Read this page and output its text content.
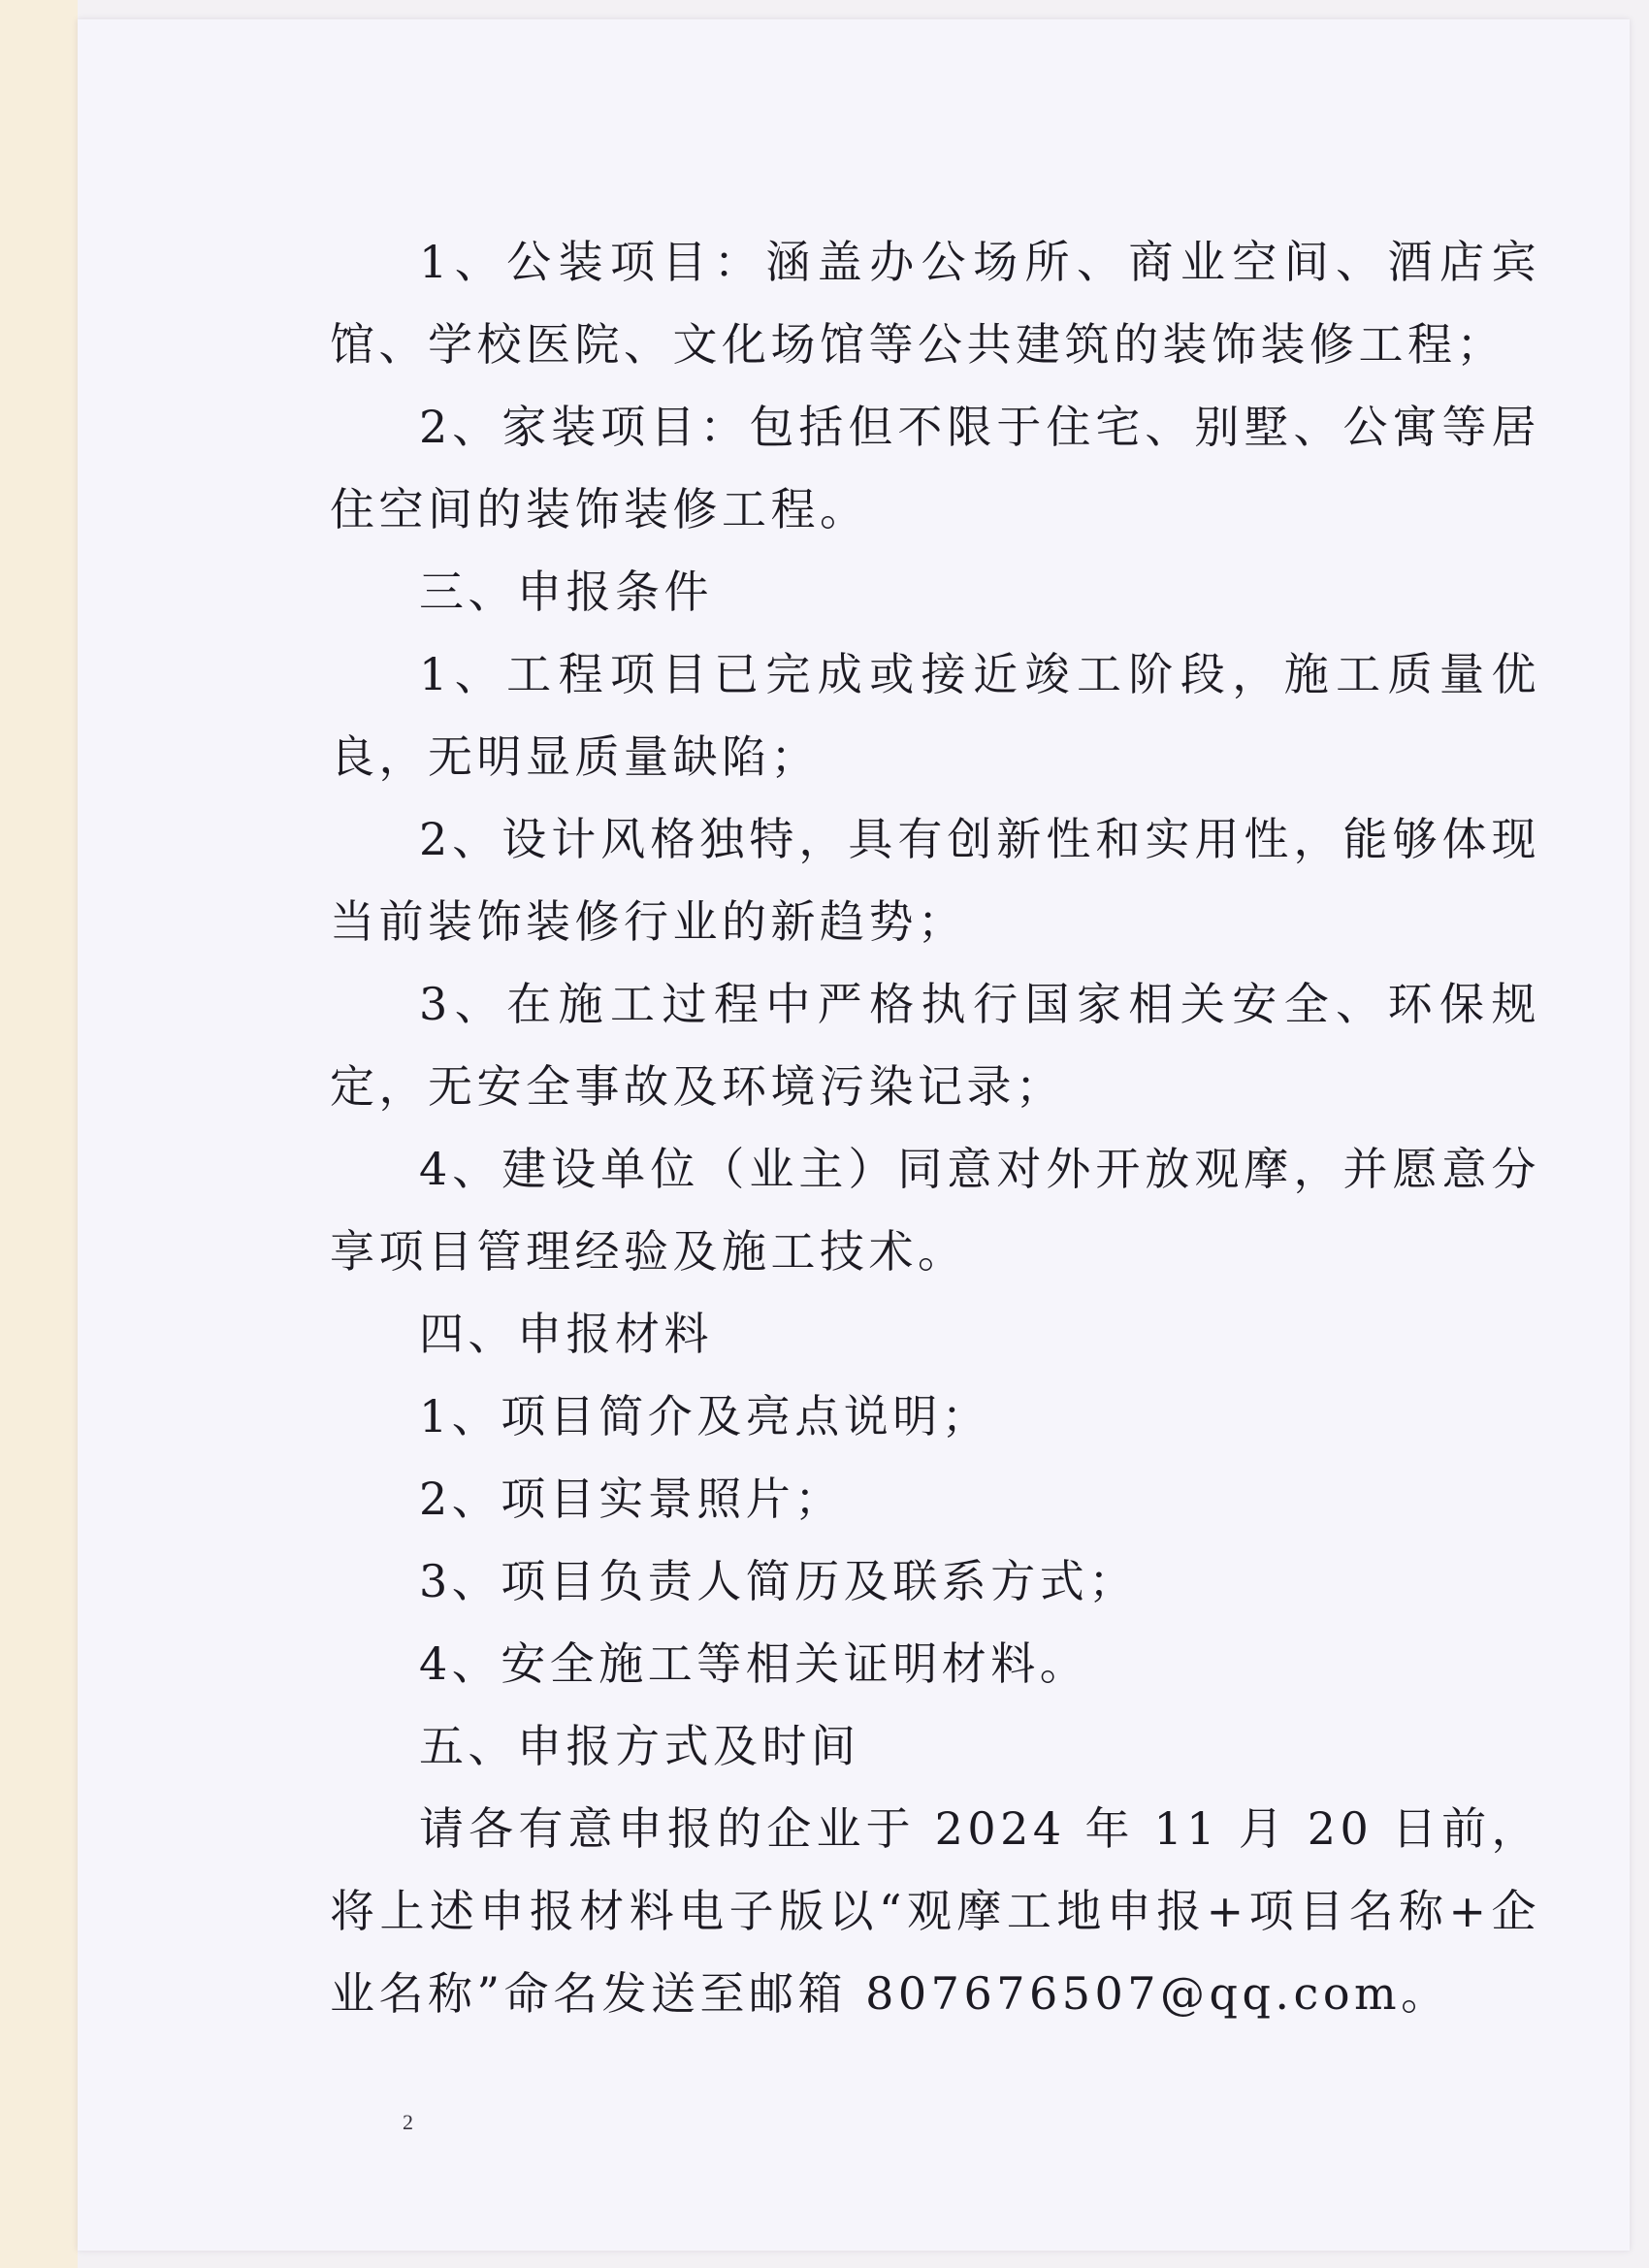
1、公装项目：涵盖办公场所、商业空间、酒店宾馆、学校医院、文化场馆等公共建筑的装饰装修工程；

2、家装项目：包括但不限于住宅、别墅、公寓等居住空间的装饰装修工程。

三、申报条件

1、工程项目已完成或接近竣工阶段，施工质量优良，无明显质量缺陷；

2、设计风格独特，具有创新性和实用性，能够体现当前装饰装修行业的新趋势；

3、在施工过程中严格执行国家相关安全、环保规定，无安全事故及环境污染记录；

4、建设单位（业主）同意对外开放观摩，并愿意分享项目管理经验及施工技术。

四、申报材料

1、项目简介及亮点说明；

2、项目实景照片；

3、项目负责人简历及联系方式；

4、安全施工等相关证明材料。

五、申报方式及时间

请各有意申报的企业于 2024 年 11 月 20 日前，将上述申报材料电子版以“观摩工地申报+项目名称+企业名称”命名发送至邮箱 807676507@qq.com。

2
